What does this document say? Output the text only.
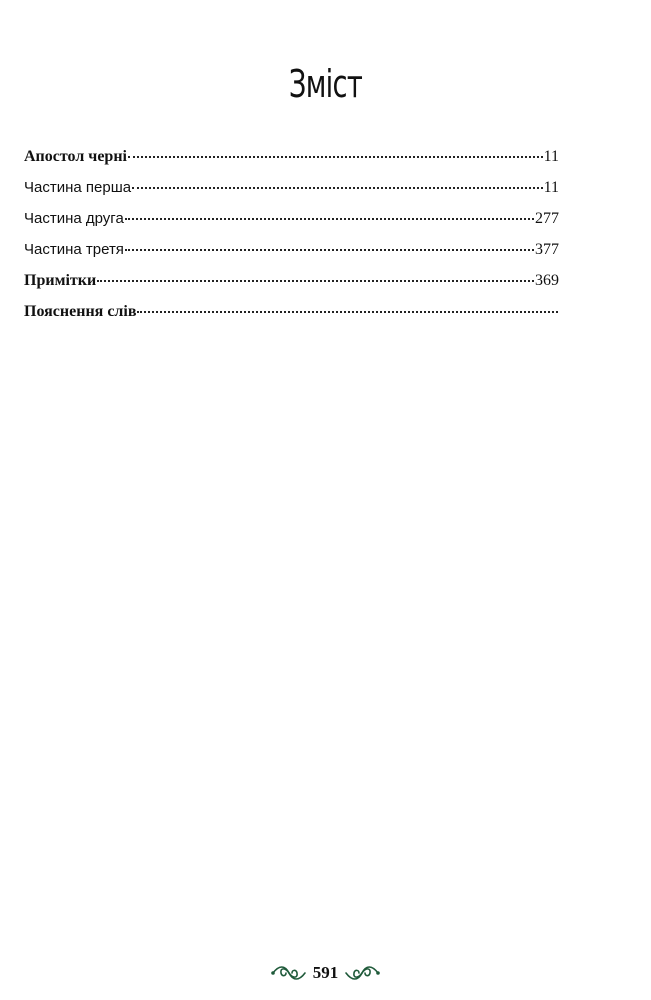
Зміст
Апостол черні	11
Частина перша	11
Частина друга	277
Частина третя	377
Примітки	369
Пояснення слів
591
